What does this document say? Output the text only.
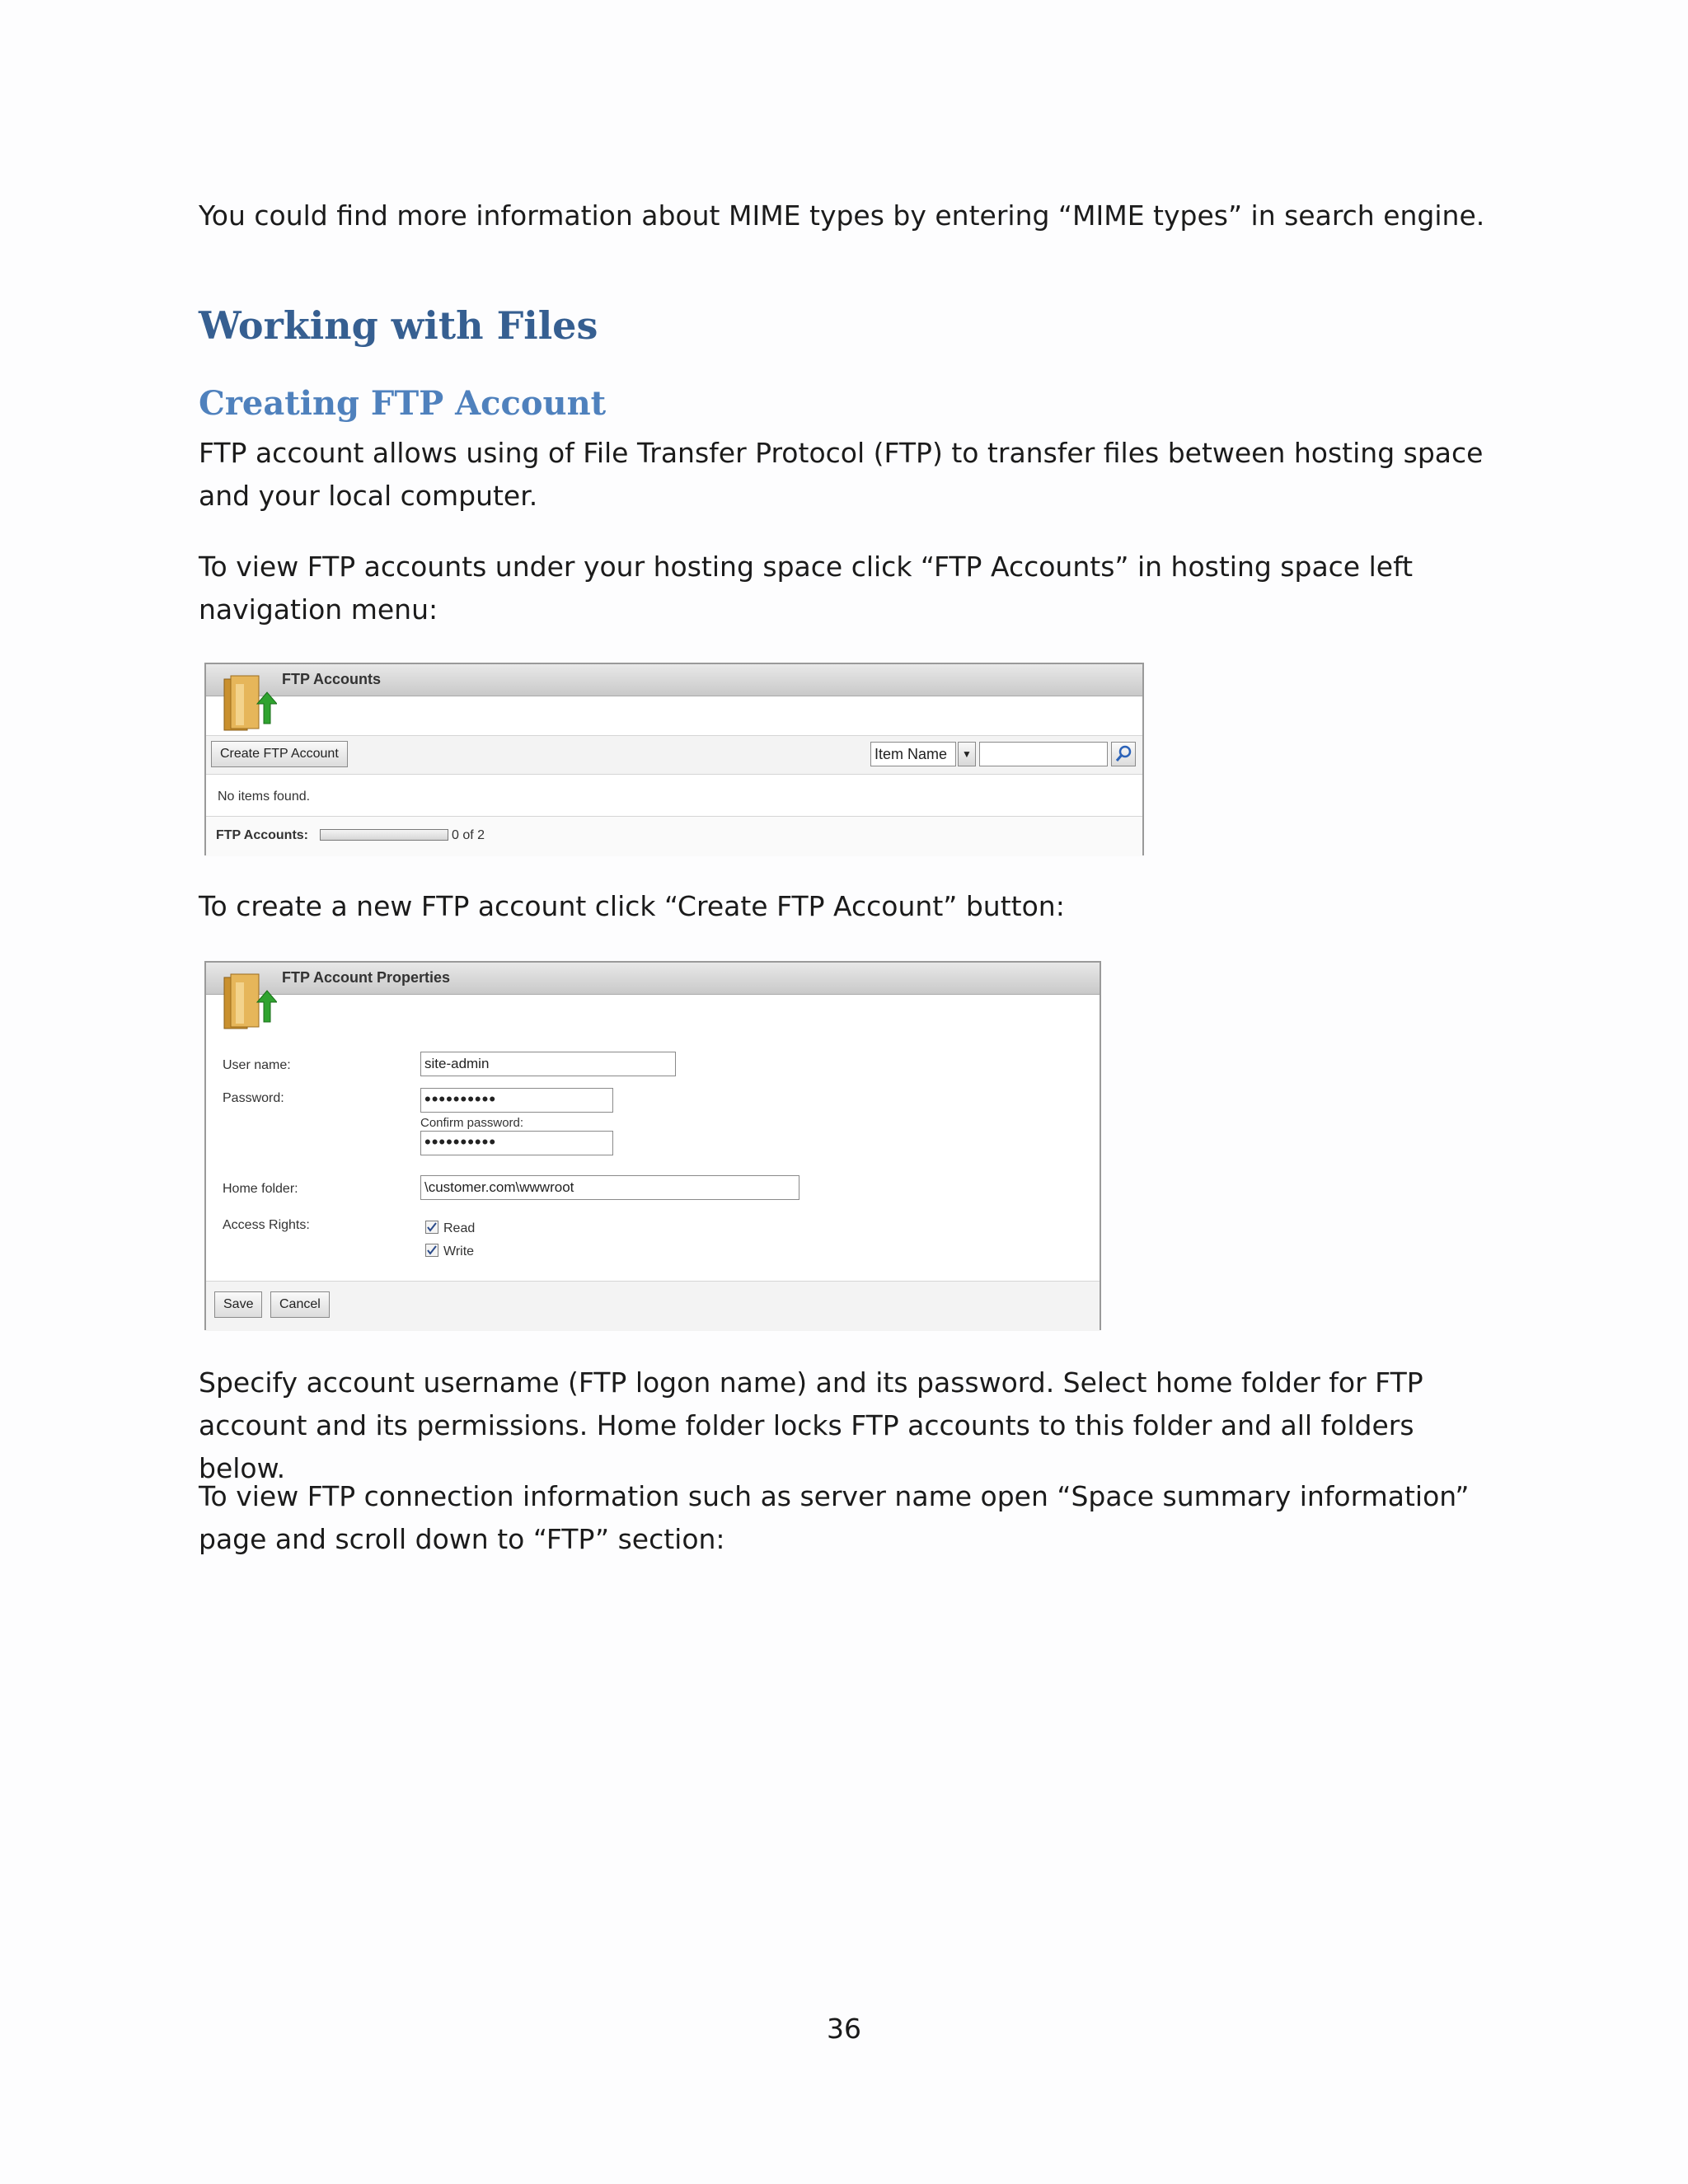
You could find more information about MIME types by entering “MIME types” in search engine.
Working with Files
Creating FTP Account
FTP account allows using of File Transfer Protocol (FTP) to transfer files between hosting space and your local computer.
To view FTP accounts under your hosting space click “FTP Accounts” in hosting space left navigation menu:
FTP Accounts
Create FTP Account	Item Name	▼
No items found.
FTP Accounts:	0 of 2
To create a new FTP account click “Create FTP Account” button:
FTP Account Properties
User name:	site-admin
Password:	••••••••••
Confirm password:
••••••••••
Home folder:	\customer.com\wwwroot
Access Rights:	Read
Write
Save	Cancel
Specify account username (FTP logon name) and its password. Select home folder for FTP account and its permissions. Home folder locks FTP accounts to this folder and all folders below.
To view FTP connection information such as server name open “Space summary information” page and scroll down to “FTP” section:
36
